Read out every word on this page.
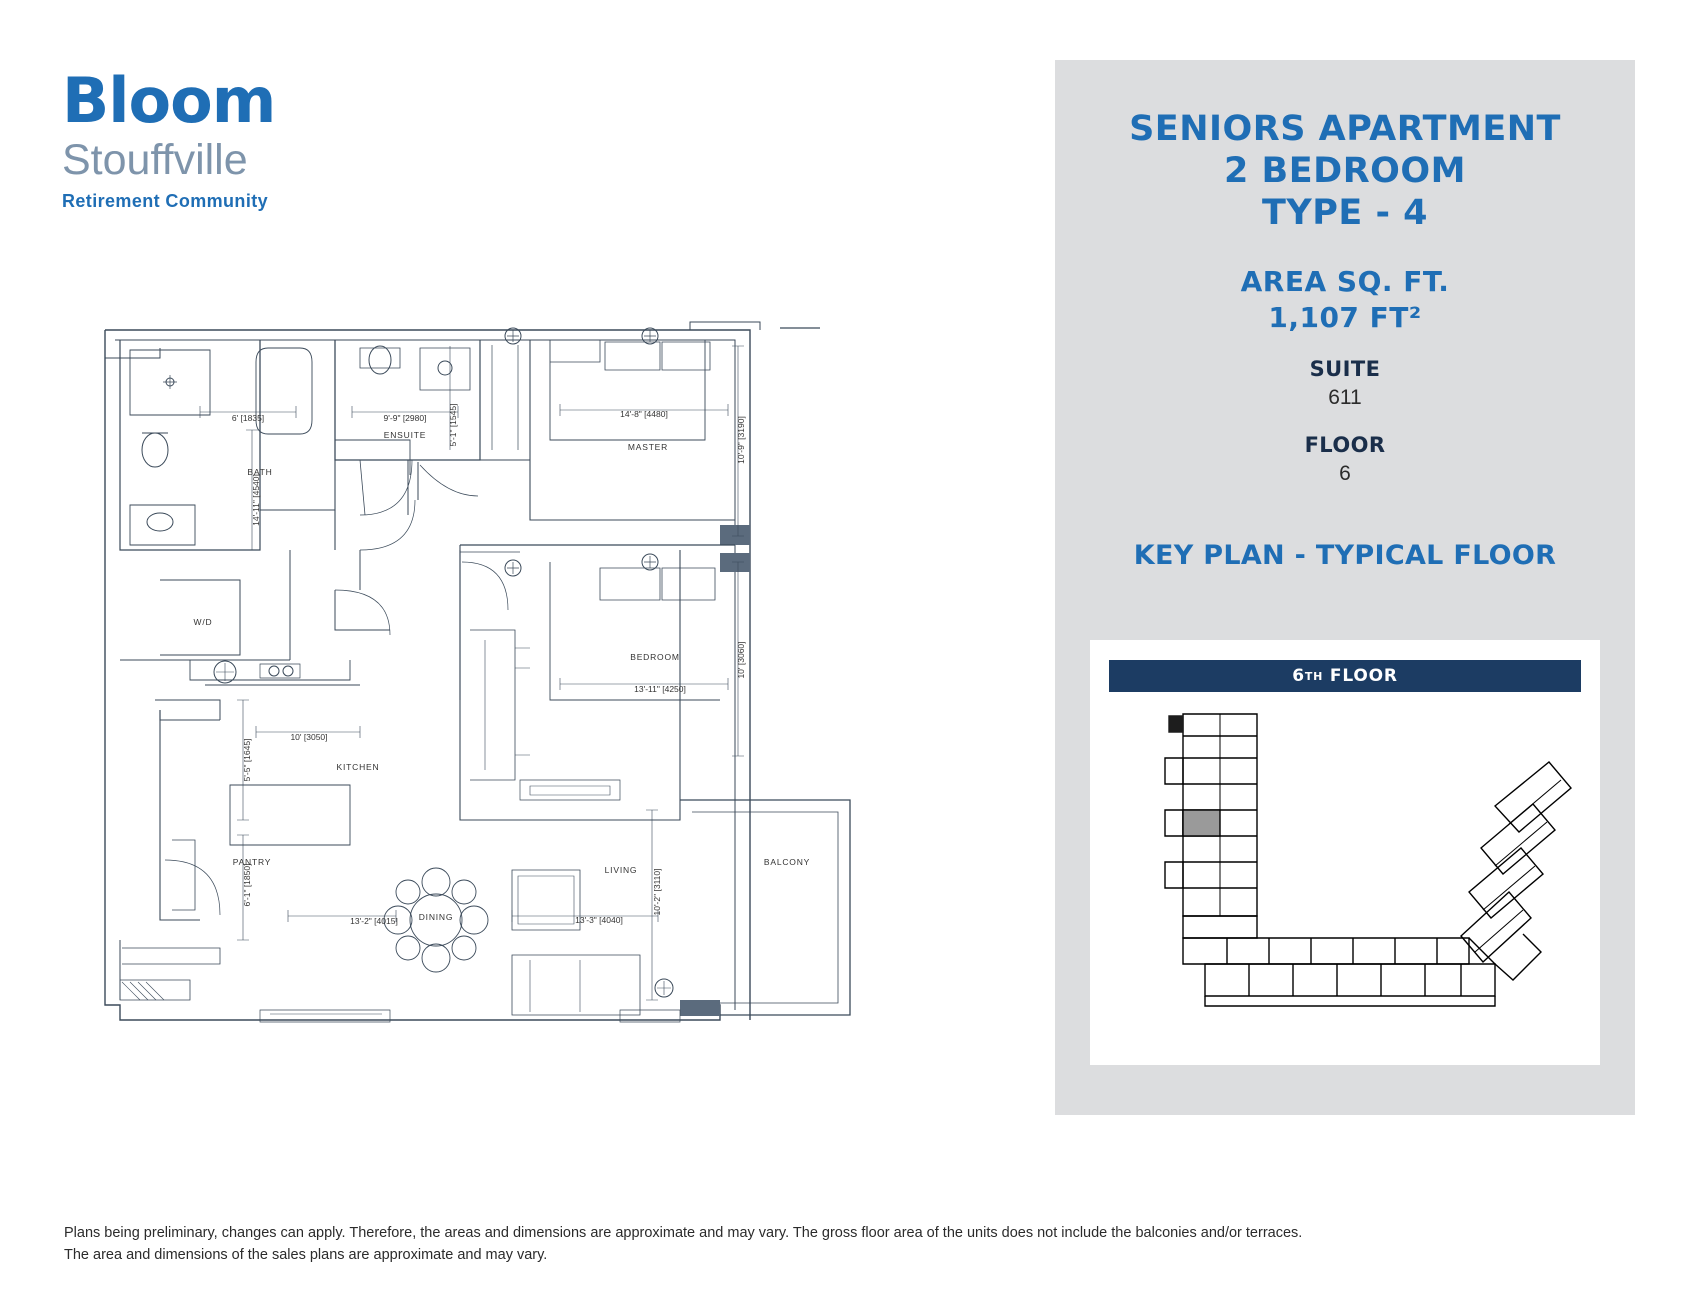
Bloom
Stouffville
Retirement Community
BATH
ENSUITE
MASTER
W/D
BEDROOM
KITCHEN
PANTRY
DINING
LIVING
BALCONY
6' [1835]
14'-11" [4540]
9'-9" [2980]	5'-1" [1545]	14'-8" [4480]
10'-9" [3190]
13'-11" [4250]
10' [3060]
10' [3050]
5'-5" [1645]
6'-1" [1850]
13'-2" [4015]	13'-3" [4040]
10'-2" [3110]
SENIORS APARTMENT
2 BEDROOM
TYPE - 4
AREA SQ. FT.
1,107 FT²
SUITE
611
FLOOR
6
KEY PLAN - TYPICAL FLOOR
6 TH
FLOOR
Plans being preliminary, changes can apply. Therefore, the areas and dimensions are approximate and may vary. The gross floor area of the units does not include the balconies and/or terraces.
The area and dimensions of the sales plans are approximate and may vary.
